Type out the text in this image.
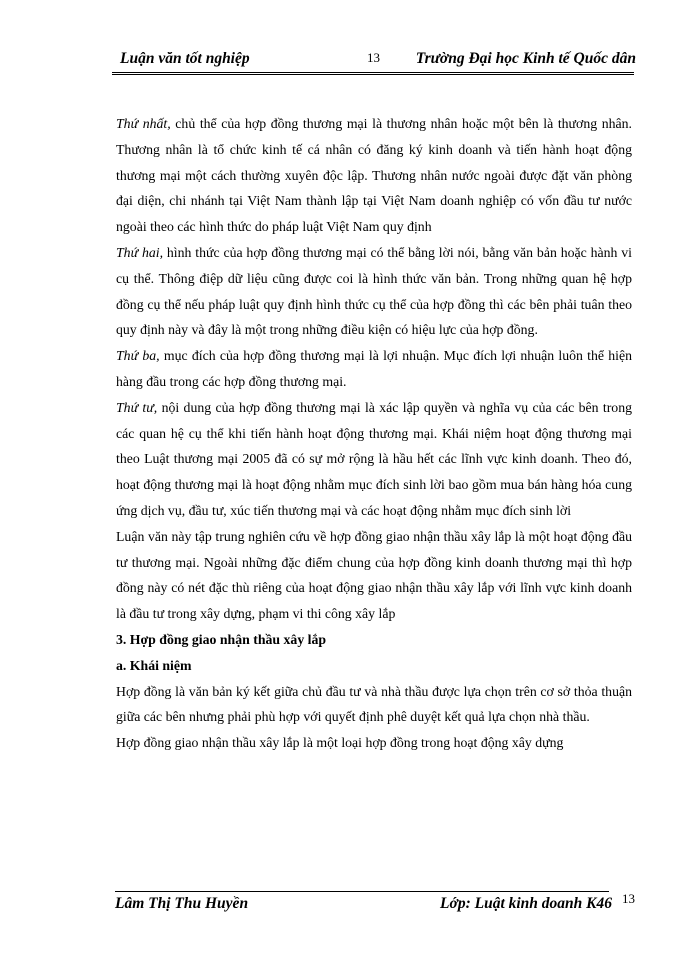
Luận văn tốt nghiệp	13 Trường Đại học Kinh tế Quốc dân

Thứ nhất, chủ thể của hợp đồng thương mại là thương nhân hoặc một bên là thương nhân. Thương nhân là tổ chức kinh tế cá nhân có đăng ký kinh doanh và tiến hành hoạt động thương mại một cách thường xuyên độc lập. Thương nhân nước ngoài được đặt văn phòng đại diện, chi nhánh tại Việt Nam thành lập tại Việt Nam doanh nghiệp có vốn đầu tư nước ngoài theo các hình thức do pháp luật Việt Nam quy định

Thứ hai, hình thức của hợp đồng thương mại có thể bằng lời nói, bằng văn bản hoặc hành vi cụ thể. Thông điệp dữ liệu cũng được coi là hình thức văn bản. Trong những quan hệ hợp đồng cụ thể nếu pháp luật quy định hình thức cụ thể của hợp đồng thì các bên phải tuân theo quy định này và đây là một trong những điều kiện có hiệu lực của hợp đồng.

Thứ ba, mục đích của hợp đồng thương mại là lợi nhuận. Mục đích lợi nhuận luôn thể hiện hàng đầu trong các hợp đồng thương mại.

Thứ tư, nội dung của hợp đồng thương mại là xác lập quyền và nghĩa vụ của các bên trong các quan hệ cụ thể khi tiến hành hoạt động thương mại. Khái niệm hoạt động thương mại theo Luật thương mại 2005 đã có sự mở rộng là hầu hết các lĩnh vực kinh doanh. Theo đó, hoạt động thương mại là hoạt động nhằm mục đích sinh lời bao gồm mua bán hàng hóa cung ứng dịch vụ, đầu tư, xúc tiến thương mại và các hoạt động nhằm mục đích sinh lời

Luận văn này tập trung nghiên cứu về hợp đồng giao nhận thầu xây lắp là một hoạt động đầu tư thương mại. Ngoài những đặc điểm chung của hợp đồng kinh doanh thương mại thì hợp đồng này có nét đặc thù riêng của hoạt động giao nhận thầu xây lắp với lĩnh vực kinh doanh là đầu tư trong xây dựng, phạm vi thi công xây lắp

3. Hợp đồng giao nhận thầu xây lắp
a. Khái niệm

Hợp đồng là văn bản ký kết giữa chủ đầu tư và nhà thầu được lựa chọn trên cơ sở thỏa thuận giữa các bên nhưng phải phù hợp với quyết định phê duyệt kết quả lựa chọn nhà thầu.

Hợp đồng giao nhận thầu xây lắp là một loại hợp đồng trong hoạt động xây dựng

Lâm Thị Thu Huyền	Lớp: Luật kinh doanh K46 13
